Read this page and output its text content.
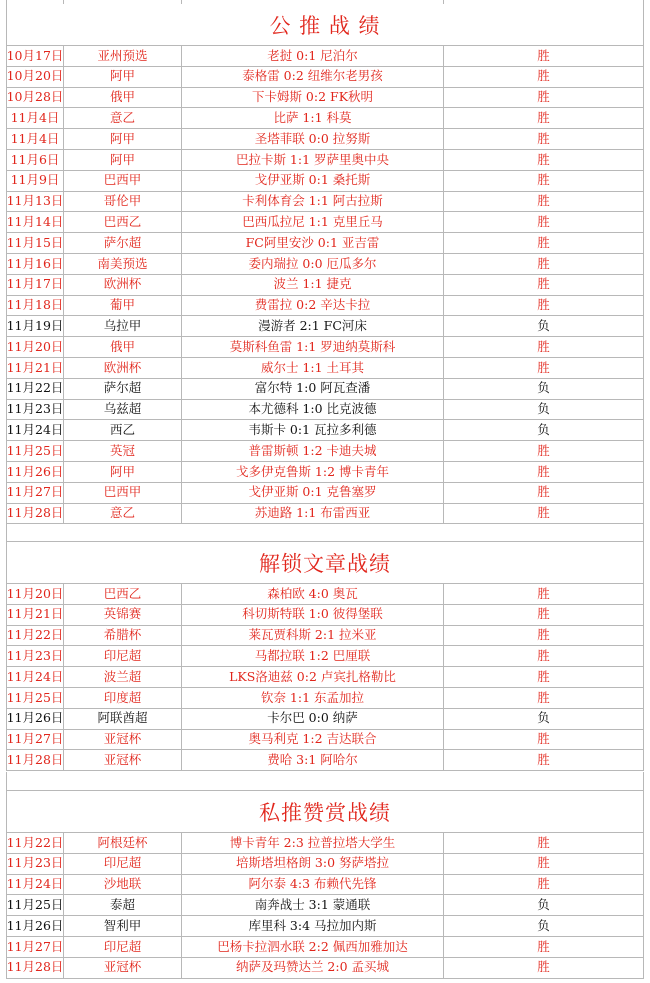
公 推 战 绩
10月17日	亚州预选	老挝 0:1 尼泊尔	胜
10月20日	阿甲	泰格雷 0:2 纽维尔老男孩	胜
10月28日	俄甲	下卡姆斯 0:2 FK秋明	胜
11月4日	意乙	比萨 1:1 科莫	胜
11月4日	阿甲	圣塔菲联 0:0 拉努斯	胜
11月6日	阿甲	巴拉卡斯 1:1 罗萨里奥中央	胜
11月9日	巴西甲	戈伊亚斯 0:1 桑托斯	胜
11月13日	哥伦甲	卡利体育会 1:1 阿古拉斯	胜
11月14日	巴西乙	巴西瓜拉尼 1:1 克里丘马	胜
11月15日	萨尔超	FC阿里安沙 0:1 亚吉雷	胜
11月16日	南美预选	委内瑞拉 0:0 厄瓜多尔	胜
11月17日	欧洲杯	波兰 1:1 捷克	胜
11月18日	葡甲	费雷拉 0:2 辛达卡拉	胜
11月19日	乌拉甲	漫游者 2:1 FC河床	负
11月20日	俄甲	莫斯科鱼雷 1:1 罗迪纳莫斯科	胜
11月21日	欧洲杯	威尔士 1:1 土耳其	胜
11月22日	萨尔超	富尔特 1:0 阿瓦查潘	负
11月23日	乌兹超	本尤德科 1:0 比克波德	负
11月24日	西乙	韦斯卡 0:1 瓦拉多利德	负
11月25日	英冠	普雷斯顿 1:2 卡迪夫城	胜
11月26日	阿甲	戈多伊克鲁斯 1:2 博卡青年	胜
11月27日	巴西甲	戈伊亚斯 0:1 克鲁塞罗	胜
11月28日	意乙	苏迪路 1:1 布雷西亚	胜
解锁文章战绩
11月20日	巴西乙	森柏欧 4:0 奥瓦	胜
11月21日	英锦赛	科切斯特联 1:0 彼得堡联	胜
11月22日	希腊杯	莱瓦贾科斯 2:1 拉米亚	胜
11月23日	印尼超	马都拉联 1:2 巴厘联	胜
11月24日	波兰超	LKS洛迪兹 0:2 卢宾扎格勒比	胜
11月25日	印度超	钦奈 1:1 东孟加拉	胜
11月26日	阿联酋超	卡尔巴 0:0 纳萨	负
11月27日	亚冠杯	奥马利克 1:2 吉达联合	胜
11月28日	亚冠杯	费哈 3:1 阿哈尔	胜
私推赞赏战绩
11月22日	阿根廷杯	博卡青年 2:3 拉普拉塔大学生	胜
11月23日	印尼超	培斯塔坦格朗 3:0 努萨塔拉	胜
11月24日	沙地联	阿尔泰 4:3 布赖代先锋	胜
11月25日	泰超	南奔战士 3:1 蒙通联	负
11月26日	智利甲	库里科 3:4 马拉加内斯	负
11月27日	印尼超	巴杨卡拉泗水联 2:2 佩西加雅加达	胜
11月28日	亚冠杯	纳萨及玛赞达兰 2:0 孟买城	胜
